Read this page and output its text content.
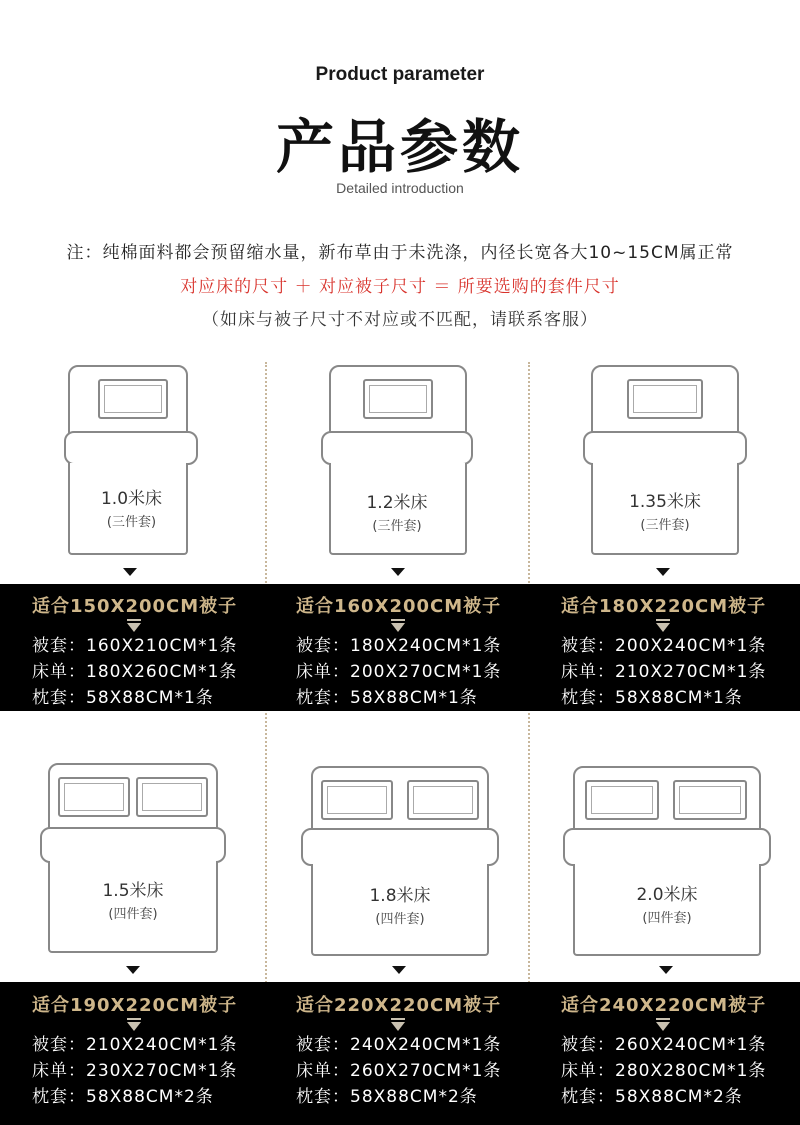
Product parameter
产品参数
Detailed introduction
注：纯棉面料都会预留缩水量，新布草由于未洗涤，内径长宽各大10~15CM属正常
对应床的尺寸 ＋ 对应被子尺寸 ＝ 所要选购的套件尺寸
（如床与被子尺寸不对应或不匹配，请联系客服）
1.0米床
(三件套)
1.2米床
(三件套)
1.35米床
(三件套)
适合150X200CM被子
被套：160X210CM*1条
床单：180X260CM*1条
枕套：58X88CM*1条
适合160X200CM被子
被套：180X240CM*1条
床单：200X270CM*1条
枕套：58X88CM*1条
适合180X220CM被子
被套：200X240CM*1条
床单：210X270CM*1条
枕套：58X88CM*1条
1.5米床
(四件套)
1.8米床
(四件套)
2.0米床
(四件套)
适合190X220CM被子
被套：210X240CM*1条
床单：230X270CM*1条
枕套：58X88CM*2条
适合220X220CM被子
被套：240X240CM*1条
床单：260X270CM*1条
枕套：58X88CM*2条
适合240X220CM被子
被套：260X240CM*1条
床单：280X280CM*1条
枕套：58X88CM*2条
